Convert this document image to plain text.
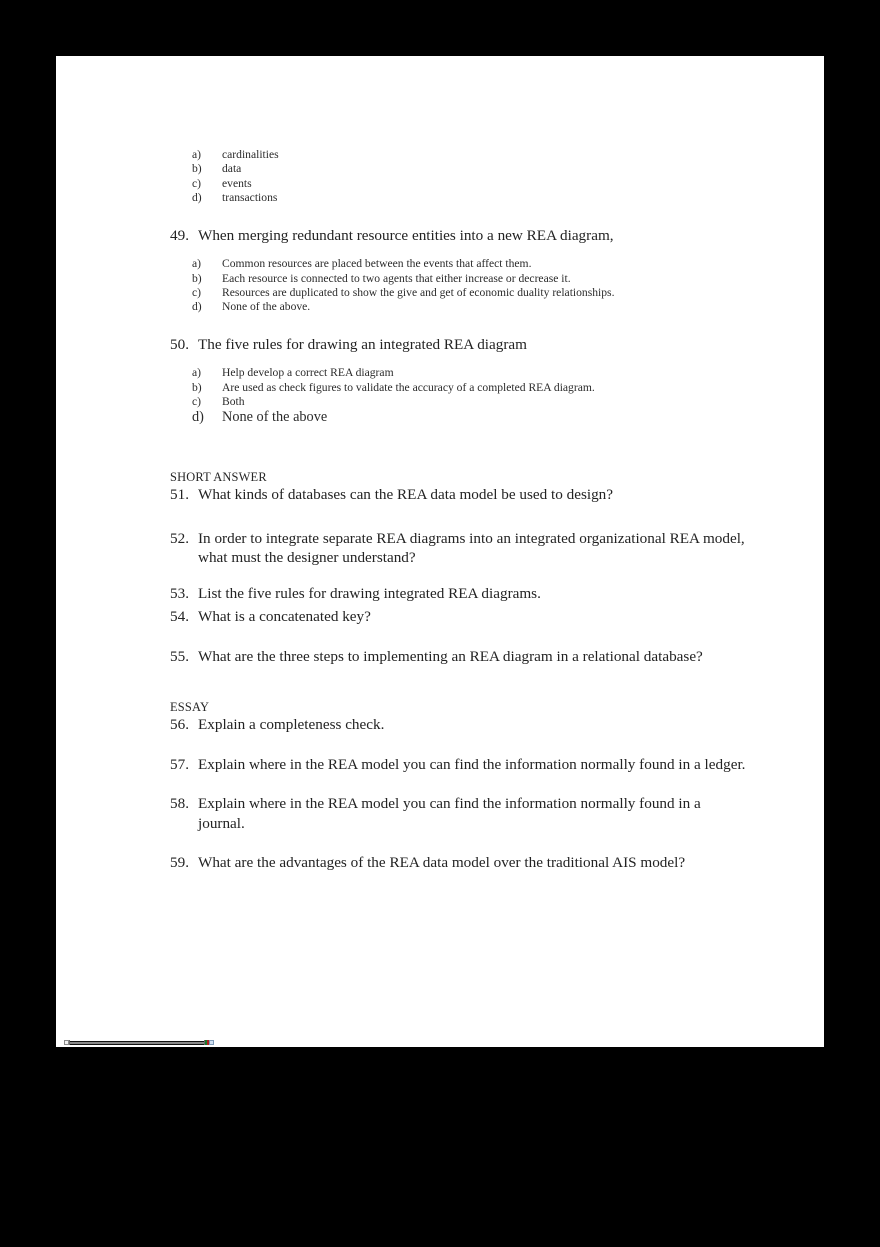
a) cardinalities
b) data
c) events
d) transactions
49. When merging redundant resource entities into a new REA diagram,
a) Common resources are placed between the events that affect them.
b) Each resource is connected to two agents that either increase or decrease it.
c) Resources are duplicated to show the give and get of economic duality relationships.
d) None of the above.
50. The five rules for drawing an integrated REA diagram
a) Help develop a correct REA diagram
b) Are used as check figures to validate the accuracy of a completed REA diagram.
c) Both
d) None of the above
SHORT ANSWER
51. What kinds of databases can the REA data model be used to design?
52. In order to integrate separate REA diagrams into an integrated organizational REA model, what must the designer understand?
53. List the five rules for drawing integrated REA diagrams.
54. What is a concatenated key?
55. What are the three steps to implementing an REA diagram in a relational database?
ESSAY
56. Explain a completeness check.
57. Explain where in the REA model you can find the information normally found in a ledger.
58. Explain where in the REA model you can find the information normally found in a journal.
59. What are the advantages of the REA data model over the traditional AIS model?
